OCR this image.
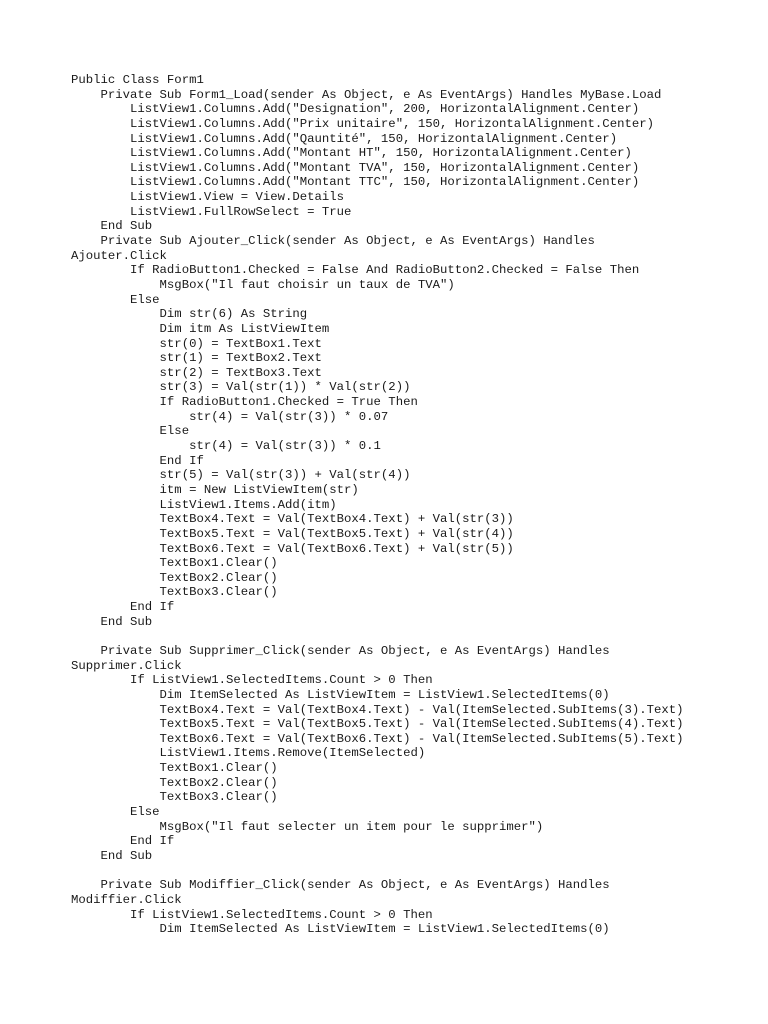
Public Class Form1
Private Sub Form1_Load(sender As Object, e As EventArgs) Handles MyBase.Load
ListView1.Columns.Add("Designation", 200, HorizontalAlignment.Center)
ListView1.Columns.Add("Prix unitaire", 150, HorizontalAlignment.Center)
ListView1.Columns.Add("Qauntité", 150, HorizontalAlignment.Center)
ListView1.Columns.Add("Montant HT", 150, HorizontalAlignment.Center)
ListView1.Columns.Add("Montant TVA", 150, HorizontalAlignment.Center)
ListView1.Columns.Add("Montant TTC", 150, HorizontalAlignment.Center)
ListView1.View = View.Details
ListView1.FullRowSelect = True
End Sub
Private Sub Ajouter_Click(sender As Object, e As EventArgs) Handles
Ajouter.Click
If RadioButton1.Checked = False And RadioButton2.Checked = False Then
MsgBox("Il faut choisir un taux de TVA")
Else
Dim str(6) As String
Dim itm As ListViewItem
str(0) = TextBox1.Text
str(1) = TextBox2.Text
str(2) = TextBox3.Text
str(3) = Val(str(1)) * Val(str(2))
If RadioButton1.Checked = True Then
str(4) = Val(str(3)) * 0.07
Else
str(4) = Val(str(3)) * 0.1
End If
str(5) = Val(str(3)) + Val(str(4))
itm = New ListViewItem(str)
ListView1.Items.Add(itm)
TextBox4.Text = Val(TextBox4.Text) + Val(str(3))
TextBox5.Text = Val(TextBox5.Text) + Val(str(4))
TextBox6.Text = Val(TextBox6.Text) + Val(str(5))
TextBox1.Clear()
TextBox2.Clear()
TextBox3.Clear()
End If
End Sub
Private Sub Supprimer_Click(sender As Object, e As EventArgs) Handles
Supprimer.Click
If ListView1.SelectedItems.Count > 0 Then
Dim ItemSelected As ListViewItem = ListView1.SelectedItems(0)
TextBox4.Text = Val(TextBox4.Text) - Val(ItemSelected.SubItems(3).Text)
TextBox5.Text = Val(TextBox5.Text) - Val(ItemSelected.SubItems(4).Text)
TextBox6.Text = Val(TextBox6.Text) - Val(ItemSelected.SubItems(5).Text)
ListView1.Items.Remove(ItemSelected)
TextBox1.Clear()
TextBox2.Clear()
TextBox3.Clear()
Else
MsgBox("Il faut selecter un item pour le supprimer")
End If
End Sub
Private Sub Modiffier_Click(sender As Object, e As EventArgs) Handles
Modiffier.Click
If ListView1.SelectedItems.Count > 0 Then
Dim ItemSelected As ListViewItem = ListView1.SelectedItems(0)
